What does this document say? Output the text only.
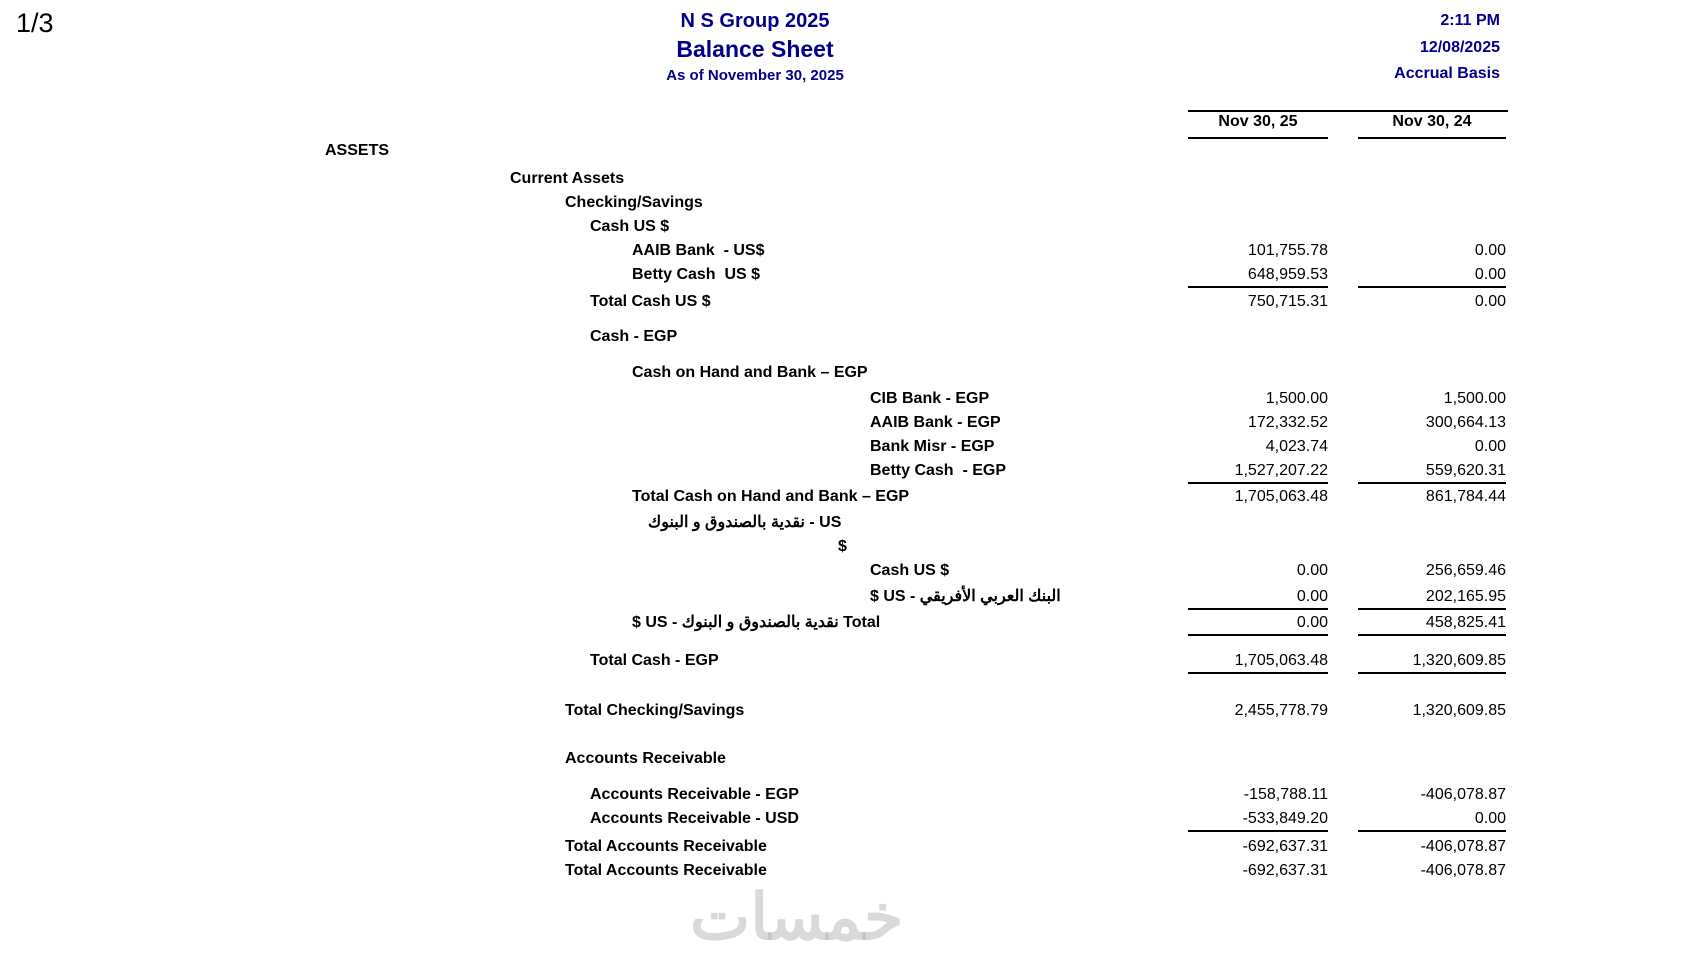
خمسات
1/3	N S Group 2025
Balance Sheet
As of November 30, 2025
2:11 PM
12/08/2025
Accrual Basis
Nov 30, 25	Nov 30, 24
ASSETS
Current Assets
Checking/Savings
Cash US $
AAIB Bank  - US$	101,755.78	0.00
Betty Cash  US $	648,959.53	0.00
Total Cash US $	750,715.31	0.00
Cash - EGP
Cash on Hand and Bank – EGP
CIB Bank - EGP	1,500.00	1,500.00
AAIB Bank - EGP	172,332.52	300,664.13
Bank Misr - EGP	4,023.74	0.00
Betty Cash  - EGP	1,527,207.22	559,620.31
Total Cash on Hand and Bank – EGP	1,705,063.48	861,784.44
نقدية بالصندوق و البنوك - US
$
Cash US $	0.00	256,659.46
البنك العربي الأفريقي - US $	0.00	202,165.95
Total نقدية بالصندوق و البنوك - US $	0.00	458,825.41
Total Cash - EGP	1,705,063.48	1,320,609.85
Total Checking/Savings	2,455,778.79	1,320,609.85
Accounts Receivable
Accounts Receivable - EGP	-158,788.11	-406,078.87
Accounts Receivable - USD	-533,849.20	0.00
Total Accounts Receivable	-692,637.31	-406,078.87
Total Accounts Receivable	-692,637.31	-406,078.87
